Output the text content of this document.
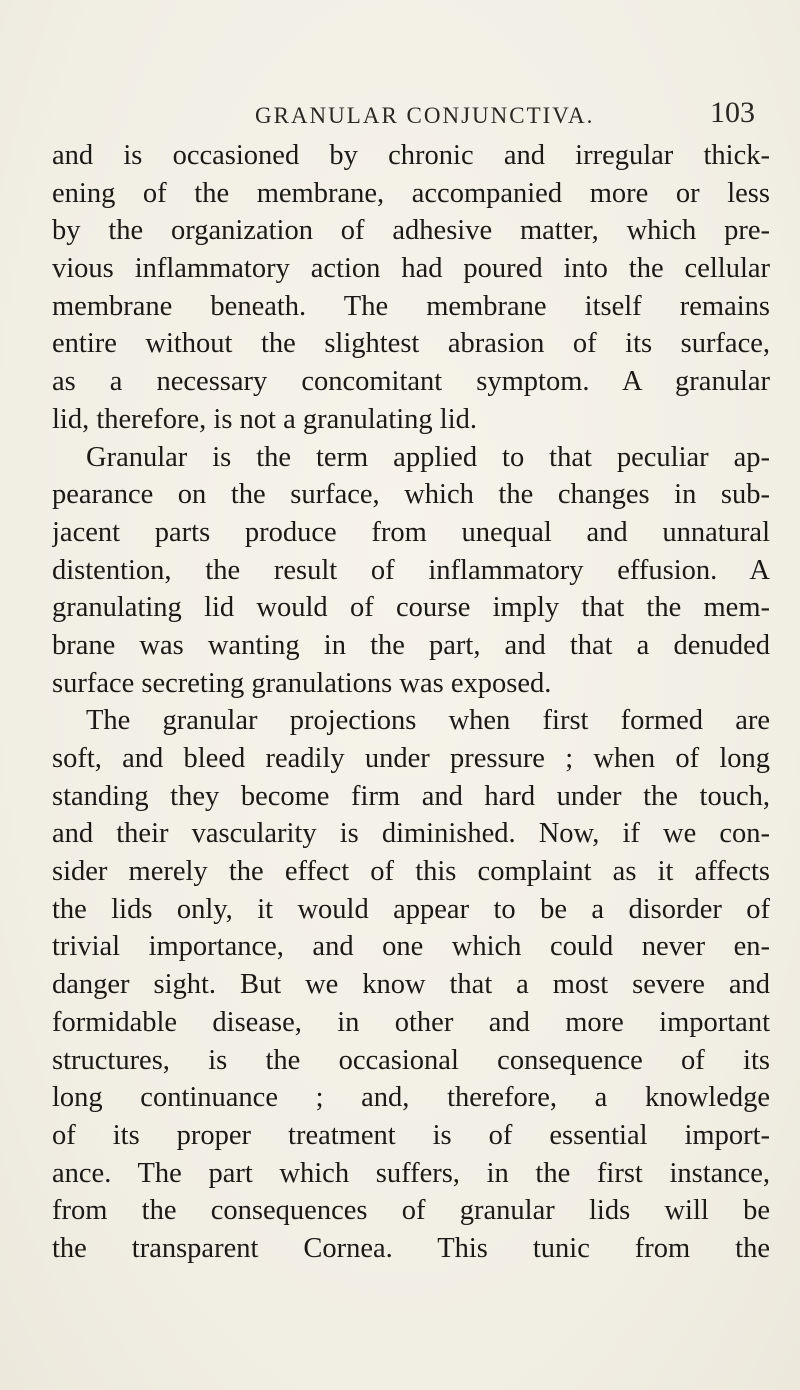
GRANULAR CONJUNCTIVA.	103
and is occasioned by chronic and irregular thick-
ening of the membrane, accompanied more or less
by the organization of adhesive matter, which pre-
vious inflammatory action had poured into the cellular
membrane beneath. The membrane itself remains
entire without the slightest abrasion of its surface,
as a necessary concomitant symptom. A granular
lid, therefore, is not a granulating lid.
Granular is the term applied to that peculiar ap-
pearance on the surface, which the changes in sub-
jacent parts produce from unequal and unnatural
distention, the result of inflammatory effusion. A
granulating lid would of course imply that the mem-
brane was wanting in the part, and that a denuded
surface secreting granulations was exposed.
The granular projections when first formed are
soft, and bleed readily under pressure ; when of long
standing they become firm and hard under the touch,
and their vascularity is diminished. Now, if we con-
sider merely the effect of this complaint as it affects
the lids only, it would appear to be a disorder of
trivial importance, and one which could never en-
danger sight. But we know that a most severe and
formidable disease, in other and more important
structures, is the occasional consequence of its
long continuance ; and, therefore, a knowledge
of its proper treatment is of essential import-
ance. The part which suffers, in the first instance,
from the consequences of granular lids will be
the transparent Cornea. This tunic from the
